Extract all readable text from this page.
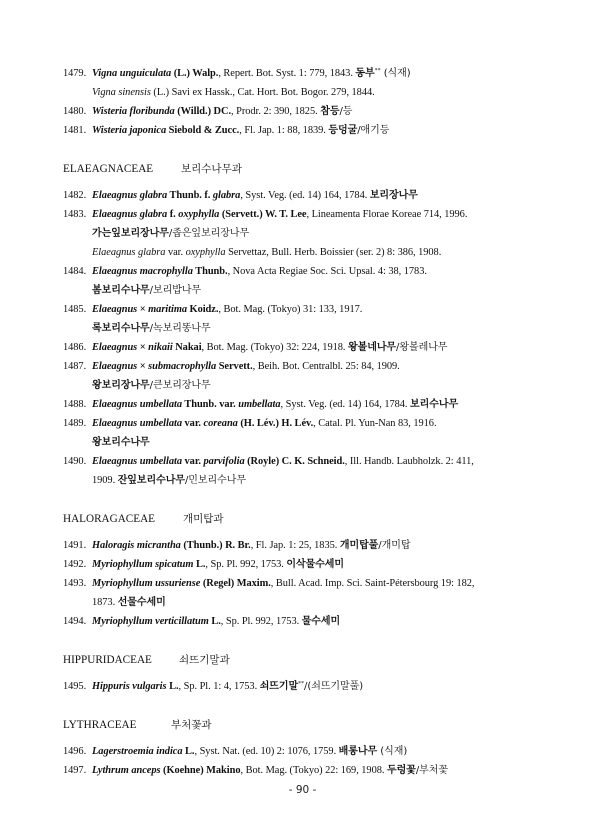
1479. Vigna unguiculata (L.) Walp., Repert. Bot. Syst. 1: 779, 1843. 동부** (식재)
Vigna sinensis (L.) Savi ex Hassk., Cat. Hort. Bot. Bogor. 279, 1844.
1480. Wisteria floribunda (Willd.) DC., Prodr. 2: 390, 1825. 참등/등
1481. Wisteria japonica Siebold & Zucc., Fl. Jap. 1: 88, 1839. 등덩굴/애기등
ELAEAGNACEAE	보리수나무과
1482. Elaeagnus glabra Thunb. f. glabra, Syst. Veg. (ed. 14) 164, 1784. 보리장나무
1483. Elaeagnus glabra f. oxyphylla (Servett.) W. T. Lee, Lineamenta Florae Koreae 714, 1996.
가는잎보리장나무/좁은잎보리장나무
Elaeagnus glabra var. oxyphylla Servettaz, Bull. Herb. Boissier (ser. 2) 8: 386, 1908.
1484. Elaeagnus macrophylla Thunb., Nova Acta Regiae Soc. Sci. Upsal. 4: 38, 1783.
봄보리수나무/보리밥나무
1485. Elaeagnus × maritima Koidz., Bot. Mag. (Tokyo) 31: 133, 1917.
록보리수나무/녹보리똥나무
1486. Elaeagnus × nikaii Nakai, Bot. Mag. (Tokyo) 32: 224, 1918. 왕볼네나무/왕볼레나무
1487. Elaeagnus × submacrophylla Servett., Beih. Bot. Centralbl. 25: 84, 1909.
왕보리장나무/큰보리장나무
1488. Elaeagnus umbellata Thunb. var. umbellata, Syst. Veg. (ed. 14) 164, 1784. 보리수나무
1489. Elaeagnus umbellata var. coreana (H. Lév.) H. Lév., Catal. Pl. Yun-Nan 83, 1916.
왕보리수나무
1490. Elaeagnus umbellata var. parvifolia (Royle) C. K. Schneid., Ill. Handb. Laubholzk. 2: 411,
1909. 잔잎보리수나무/민보리수나무
HALORAGACEAE	개미탑과
1491. Haloragis micrantha (Thunb.) R. Br., Fl. Jap. 1: 25, 1835. 개미탑풀/개미탑
1492. Myriophyllum spicatum L., Sp. Pl. 992, 1753. 이삭물수세미
1493. Myriophyllum ussuriense (Regel) Maxim., Bull. Acad. Imp. Sci. Saint-Pétersbourg 19: 182,
1873. 선물수세미
1494. Myriophyllum verticillatum L., Sp. Pl. 992, 1753. 물수세미
HIPPURIDACEAE	쇠뜨기말과
1495. Hippuris vulgaris L., Sp. Pl. 1: 4, 1753. 쇠뜨기말**/(쇠뜨기말풀)
LYTHRACEAE	부처꽃과
1496. Lagerstroemia indica L., Syst. Nat. (ed. 10) 2: 1076, 1759. 배롱나무 (식재)
1497. Lythrum anceps (Koehne) Makino, Bot. Mag. (Tokyo) 22: 169, 1908. 두렁꽃/부처꽃
- 90 -
